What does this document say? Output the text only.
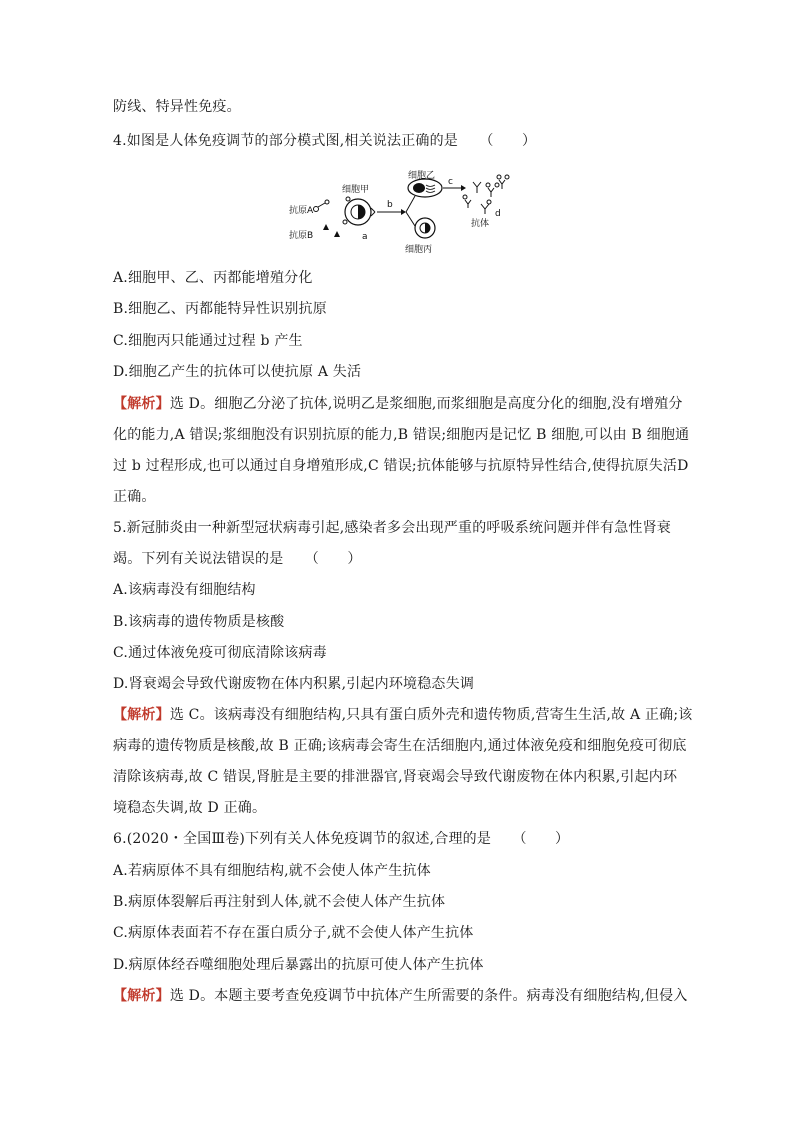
防线、特异性免疫。
4.如图是人体免疫调节的部分模式图,相关说法正确的是　　（　　）
抗原A
抗原B
细胞甲
a
b
细胞乙
c
d
抗体
细胞丙
A.细胞甲、乙、丙都能增殖分化
B.细胞乙、丙都能特异性识别抗原
C.细胞丙只能通过过程 b 产生
D.细胞乙产生的抗体可以使抗原 A 失活
【解析】选 D。细胞乙分泌了抗体,说明乙是浆细胞,而浆细胞是高度分化的细胞,没有增殖分
化的能力,A 错误;浆细胞没有识别抗原的能力,B 错误;细胞丙是记忆 B 细胞,可以由 B 细胞通
过 b 过程形成,也可以通过自身增殖形成,C 错误;抗体能够与抗原特异性结合,使得抗原失活D
正确。
5.新冠肺炎由一种新型冠状病毒引起,感染者多会出现严重的呼吸系统问题并伴有急性肾衰
竭。下列有关说法错误的是　　（　　）
A.该病毒没有细胞结构
B.该病毒的遗传物质是核酸
C.通过体液免疫可彻底清除该病毒
D.肾衰竭会导致代谢废物在体内积累,引起内环境稳态失调
【解析】选 C。该病毒没有细胞结构,只具有蛋白质外壳和遗传物质,营寄生生活,故 A 正确;该
病毒的遗传物质是核酸,故 B 正确;该病毒会寄生在活细胞内,通过体液免疫和细胞免疫可彻底
清除该病毒,故 C 错误,肾脏是主要的排泄器官,肾衰竭会导致代谢废物在体内积累,引起内环
境稳态失调,故 D 正确。
6.(2020・全国Ⅲ卷)下列有关人体免疫调节的叙述,合理的是　　（　　）
A.若病原体不具有细胞结构,就不会使人体产生抗体
B.病原体裂解后再注射到人体,就不会使人体产生抗体
C.病原体表面若不存在蛋白质分子,就不会使人体产生抗体
D.病原体经吞噬细胞处理后暴露出的抗原可使人体产生抗体
【解析】选 D。本题主要考查免疫调节中抗体产生所需要的条件。病毒没有细胞结构,但侵入
